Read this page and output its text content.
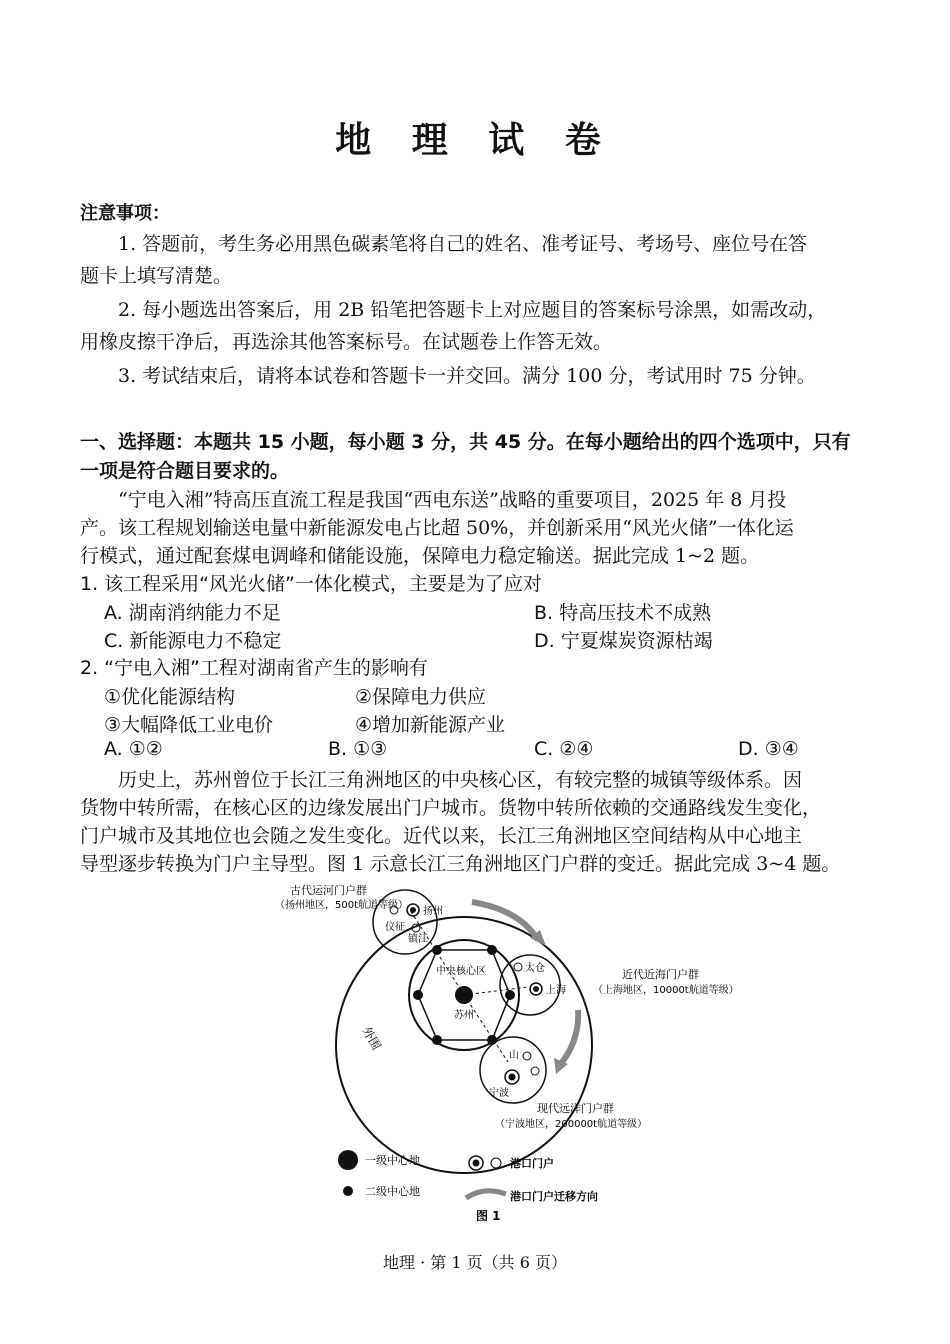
地 理 试 卷
注意事项：
1. 答题前，考生务必用黑色碳素笔将自己的姓名、准考证号、考场号、座位号在答
题卡上填写清楚。
2. 每小题选出答案后，用 2B 铅笔把答题卡上对应题目的答案标号涂黑，如需改动，
用橡皮擦干净后，再选涂其他答案标号。在试题卷上作答无效。
3. 考试结束后，请将本试卷和答题卡一并交回。满分 100 分，考试用时 75 分钟。
一、选择题：本题共 15 小题，每小题 3 分，共 45 分。在每小题给出的四个选项中，只有
一项是符合题目要求的。
“宁电入湘”特高压直流工程是我国“西电东送”战略的重要项目，2025 年 8 月投
产。该工程规划输送电量中新能源发电占比超 50%，并创新采用“风光火储”一体化运
行模式，通过配套煤电调峰和储能设施，保障电力稳定输送。据此完成 1~2 题。
1. 该工程采用“风光火储”一体化模式，主要是为了应对
A. 湖南消纳能力不足	B. 特高压技术不成熟
C. 新能源电力不稳定	D. 宁夏煤炭资源枯竭
2. “宁电入湘”工程对湖南省产生的影响有
①优化能源结构	②保障电力供应
③大幅降低工业电价	④增加新能源产业
A. ①②	B. ①③	C. ②④	D. ③④
历史上，苏州曾位于长江三角洲地区的中央核心区，有较完整的城镇等级体系。因
货物中转所需，在核心区的边缘发展出门户城市。货物中转所依赖的交通路线发生变化，
门户城市及其地位也会随之发生变化。近代以来，长江三角洲地区空间结构从中心地主
导型逐步转换为门户主导型。图 1 示意长江三角洲地区门户群的变迁。据此完成 3~4 题。
古代运河门户群
（扬州地区，500t航道等级）
扬州
仪征
镇江
中央核心区
苏州
太仓
上海
近代近海门户群
（上海地区，10000t航道等级）
山
宁波
现代远洋门户群
（宁波地区，200000t航道等级）
外围
一级中心地
二级中心地
港口门户
港口门户迁移方向
图 1
地理 · 第 1 页（共 6 页）
